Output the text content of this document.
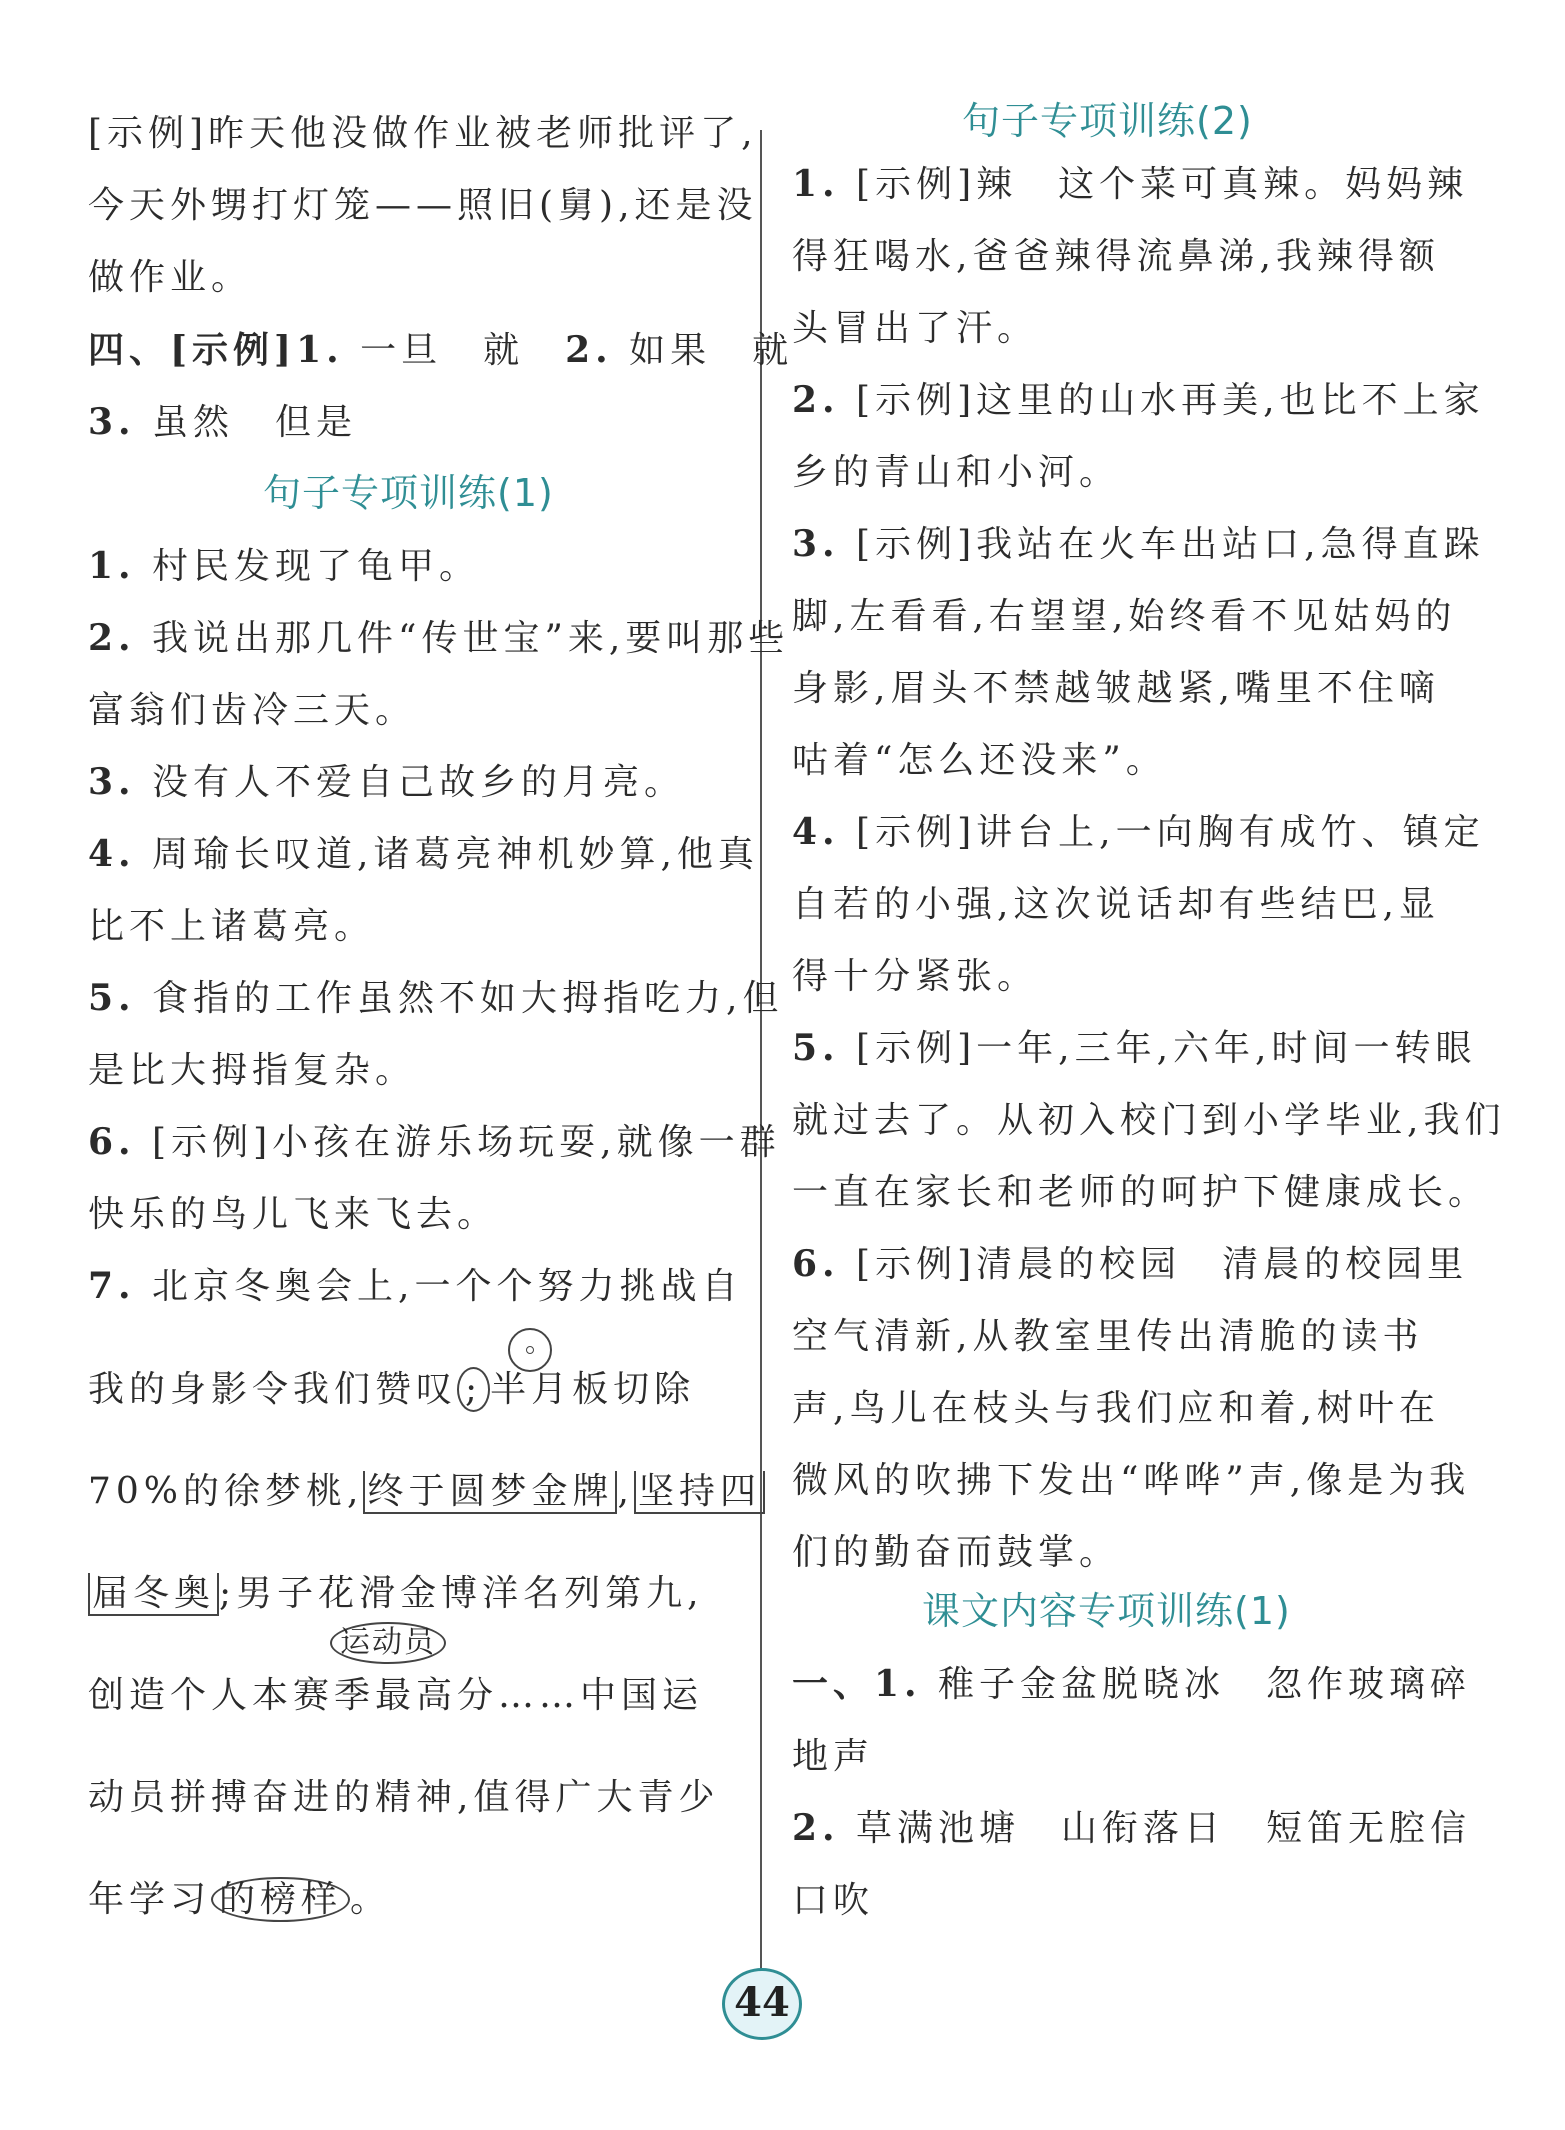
[示例]昨天他没做作业被老师批评了,
今天外甥打灯笼——照旧(舅),还是没
做作业。
四、[示例]1. 一旦　就　2. 如果　就
3. 虽然　但是
句子专项训练(1)
1. 村民发现了龟甲。
2. 我说出那几件“传世宝”来,要叫那些
富翁们齿冷三天。
3. 没有人不爱自己故乡的月亮。
4. 周瑜长叹道,诸葛亮神机妙算,他真
比不上诸葛亮。
5. 食指的工作虽然不如大拇指吃力,但
是比大拇指复杂。
6. [示例]小孩在游乐场玩耍,就像一群
快乐的鸟儿飞来飞去。
7. 北京冬奥会上,一个个努力挑战自
我的身影令我们赞叹 ; 半月板切除
70%的徐梦桃, 终于圆梦金牌 , 坚持四
届冬奥 ;男子花滑金博洋名列第九,
运动员
创造个人本赛季最高分……中国运
动员拼搏奋进的精神,值得广大青少
年学习 的榜样 。
句子专项训练(2)
1. [示例]辣　这个菜可真辣。妈妈辣
得狂喝水,爸爸辣得流鼻涕,我辣得额
头冒出了汗。
2. [示例]这里的山水再美,也比不上家
乡的青山和小河。
3. [示例]我站在火车出站口,急得直跺
脚,左看看,右望望,始终看不见姑妈的
身影,眉头不禁越皱越紧,嘴里不住嘀
咕着“怎么还没来”。
4. [示例]讲台上,一向胸有成竹、镇定
自若的小强,这次说话却有些结巴,显
得十分紧张。
5. [示例]一年,三年,六年,时间一转眼
就过去了。从初入校门到小学毕业,我们
一直在家长和老师的呵护下健康成长。
6. [示例]清晨的校园　清晨的校园里
空气清新,从教室里传出清脆的读书
声,鸟儿在枝头与我们应和着,树叶在
微风的吹拂下发出“哗哗”声,像是为我
们的勤奋而鼓掌。
课文内容专项训练(1)
一、1. 稚子金盆脱晓冰　忽作玻璃碎
地声
2. 草满池塘　山衔落日　短笛无腔信
口吹
44
